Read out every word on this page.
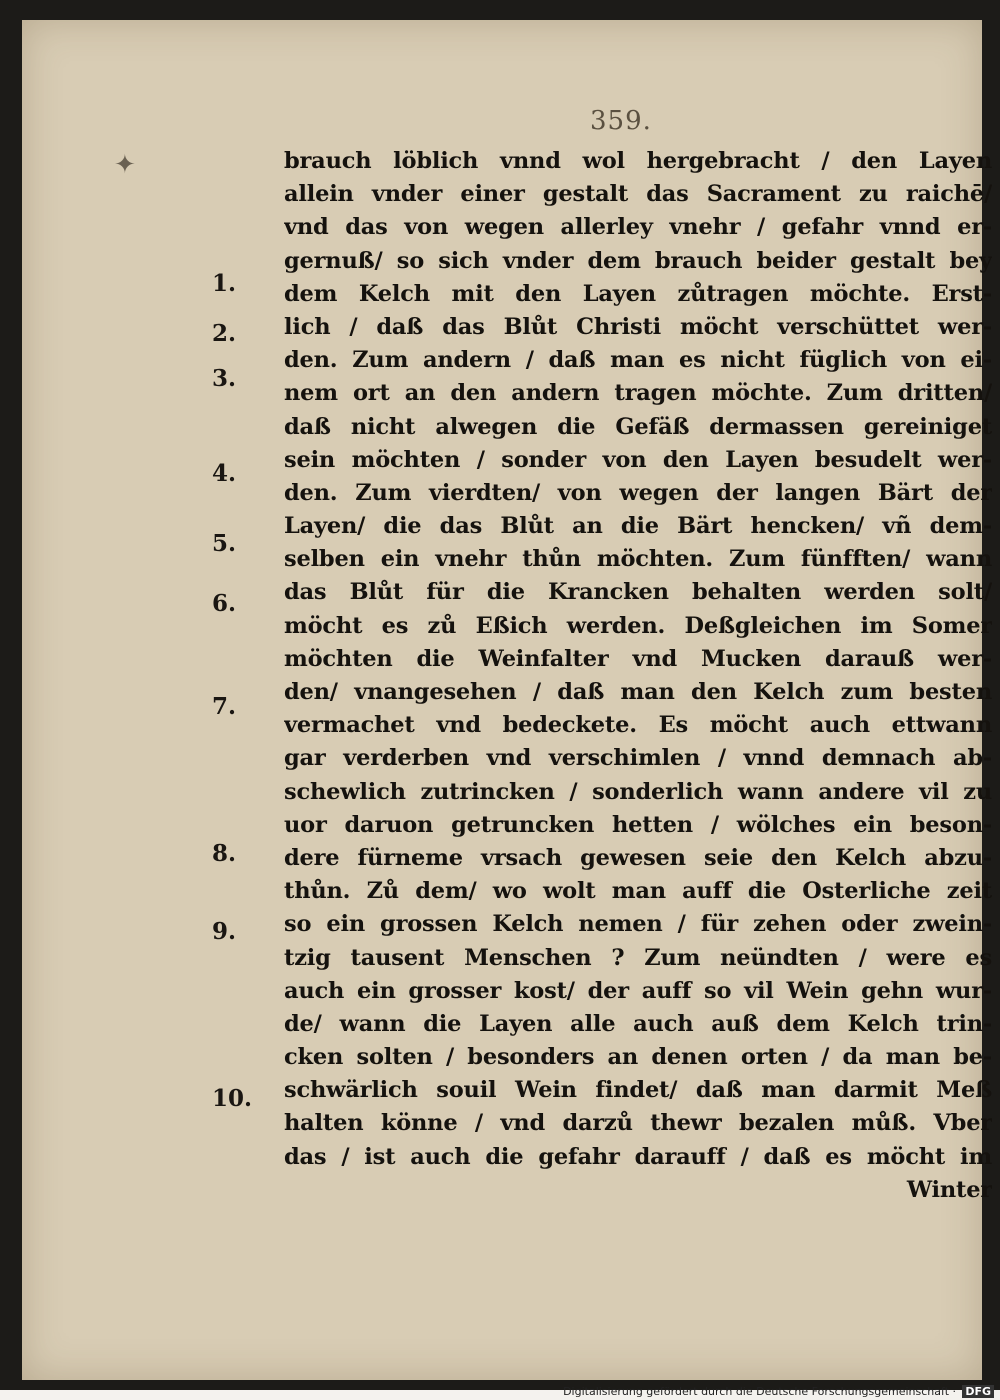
359.
✦
1.
2.
3.
4.
5.
6.
7.
8.
9.
10.
brauch löblich vnnd wol hergebracht / den Layen
allein vnder einer gestalt das Sacrament zu raichē/
vnd das von wegen allerley vnehr / gefahr vnnd er-
gernuß/ so sich vnder dem brauch beider gestalt bey
dem Kelch mit den Layen zůtragen möchte. Erst-
lich / daß das Blůt Christi möcht verschüttet wer-
den. Zum andern / daß man es nicht füglich von ei-
nem ort an den andern tragen möchte. Zum dritten/
daß nicht alwegen die Gefäß dermassen gereiniget
sein möchten / sonder von den Layen besudelt wer-
den. Zum vierdten/ von wegen der langen Bärt der
Layen/ die das Blůt an die Bärt hencken/ vñ dem-
selben ein vnehr thůn möchten. Zum fünfften/ wann
das Blůt für die Krancken behalten werden solt/
möcht es zů Eßich werden. Deßgleichen im Somer
möchten die Weinfalter vnd Mucken darauß wer-
den/ vnangesehen / daß man den Kelch zum besten
vermachet vnd bedeckete. Es möcht auch ettwann
gar verderben vnd verschimlen / vnnd demnach ab-
schewlich zutrincken / sonderlich wann andere vil zu
uor daruon getruncken hetten / wölches ein beson-
dere fürneme vrsach gewesen seie den Kelch abzu-
thůn. Zů dem/ wo wolt man auff die Osterliche zeit
so ein grossen Kelch nemen / für zehen oder zwein-
tzig tausent Menschen ? Zum neündten / were es
auch ein grosser kost/ der auff so vil Wein gehn wur-
de/ wann die Layen alle auch auß dem Kelch trin-
cken solten / besonders an denen orten / da man be-
schwärlich souil Wein findet/ daß man darmit Meß
halten könne / vnd darzů thewr bezalen můß. Vber
das / ist auch die gefahr darauff / daß es möcht im
Winter
Digitalisierung gefördert durch die Deutsche Forschungsgemeinschaft · DFG
